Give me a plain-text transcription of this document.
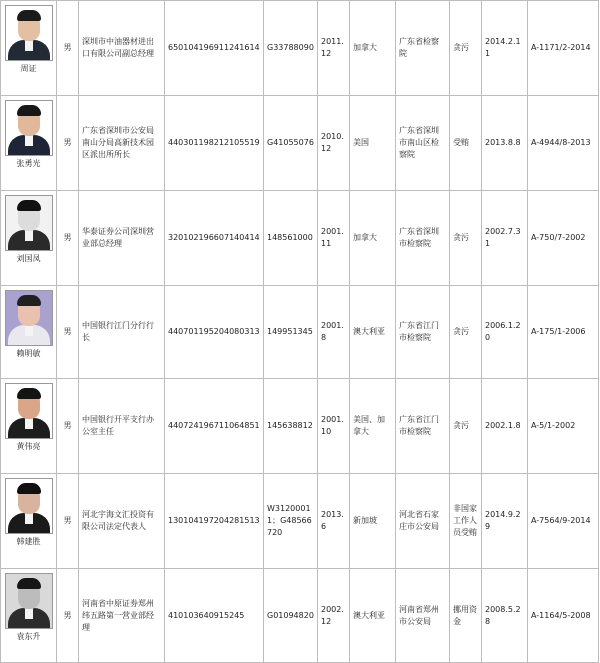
周证	男	深圳市中油器材进出口有限公司副总经理	650104196911241614	G33788090	2011.12	加拿大	广东省检察院	贪污	2014.2.11	A-1171/2-2014

张勇光	男	广东省深圳市公安局南山分局高新技术园区派出所所长	440301198212105519	G41055076	2010.12	美国	广东省深圳市南山区检察院	受贿	2013.8.8	A-4944/8-2013

刘国凤	男	华泰证券公司深圳营业部总经理	320102196607140414	148561000	2001.11	加拿大	广东省深圳市检察院	贪污	2002.7.31	A-750/7-2002

赖明敏	男	中国银行江门分行行长	440701195204080313	149951345	2001.8	澳大利亚	广东省江门市检察院	贪污	2006.1.20	A-175/1-2006

黄伟亮	男	中国银行开平支行办公室主任	440724196711064851	145638812	2001.10	美国、加拿大	广东省江门市检察院	贪污	2002.1.8	A-5/1-2002

韩建胜	男	河北宇海文汇投资有限公司法定代表人	130104197204281513	W31200011；G48566720	2013.6	新加坡	河北省石家庄市公安局	非国家工作人员受贿	2014.9.29	A-7564/9-2014

袁东升	男	河南省中原证券郑州纬五路第一营业部经理	410103640915245	G01094820	2002.12	澳大利亚	河南省郑州市公安局	挪用资金	2008.5.28	A-1164/5-2008
